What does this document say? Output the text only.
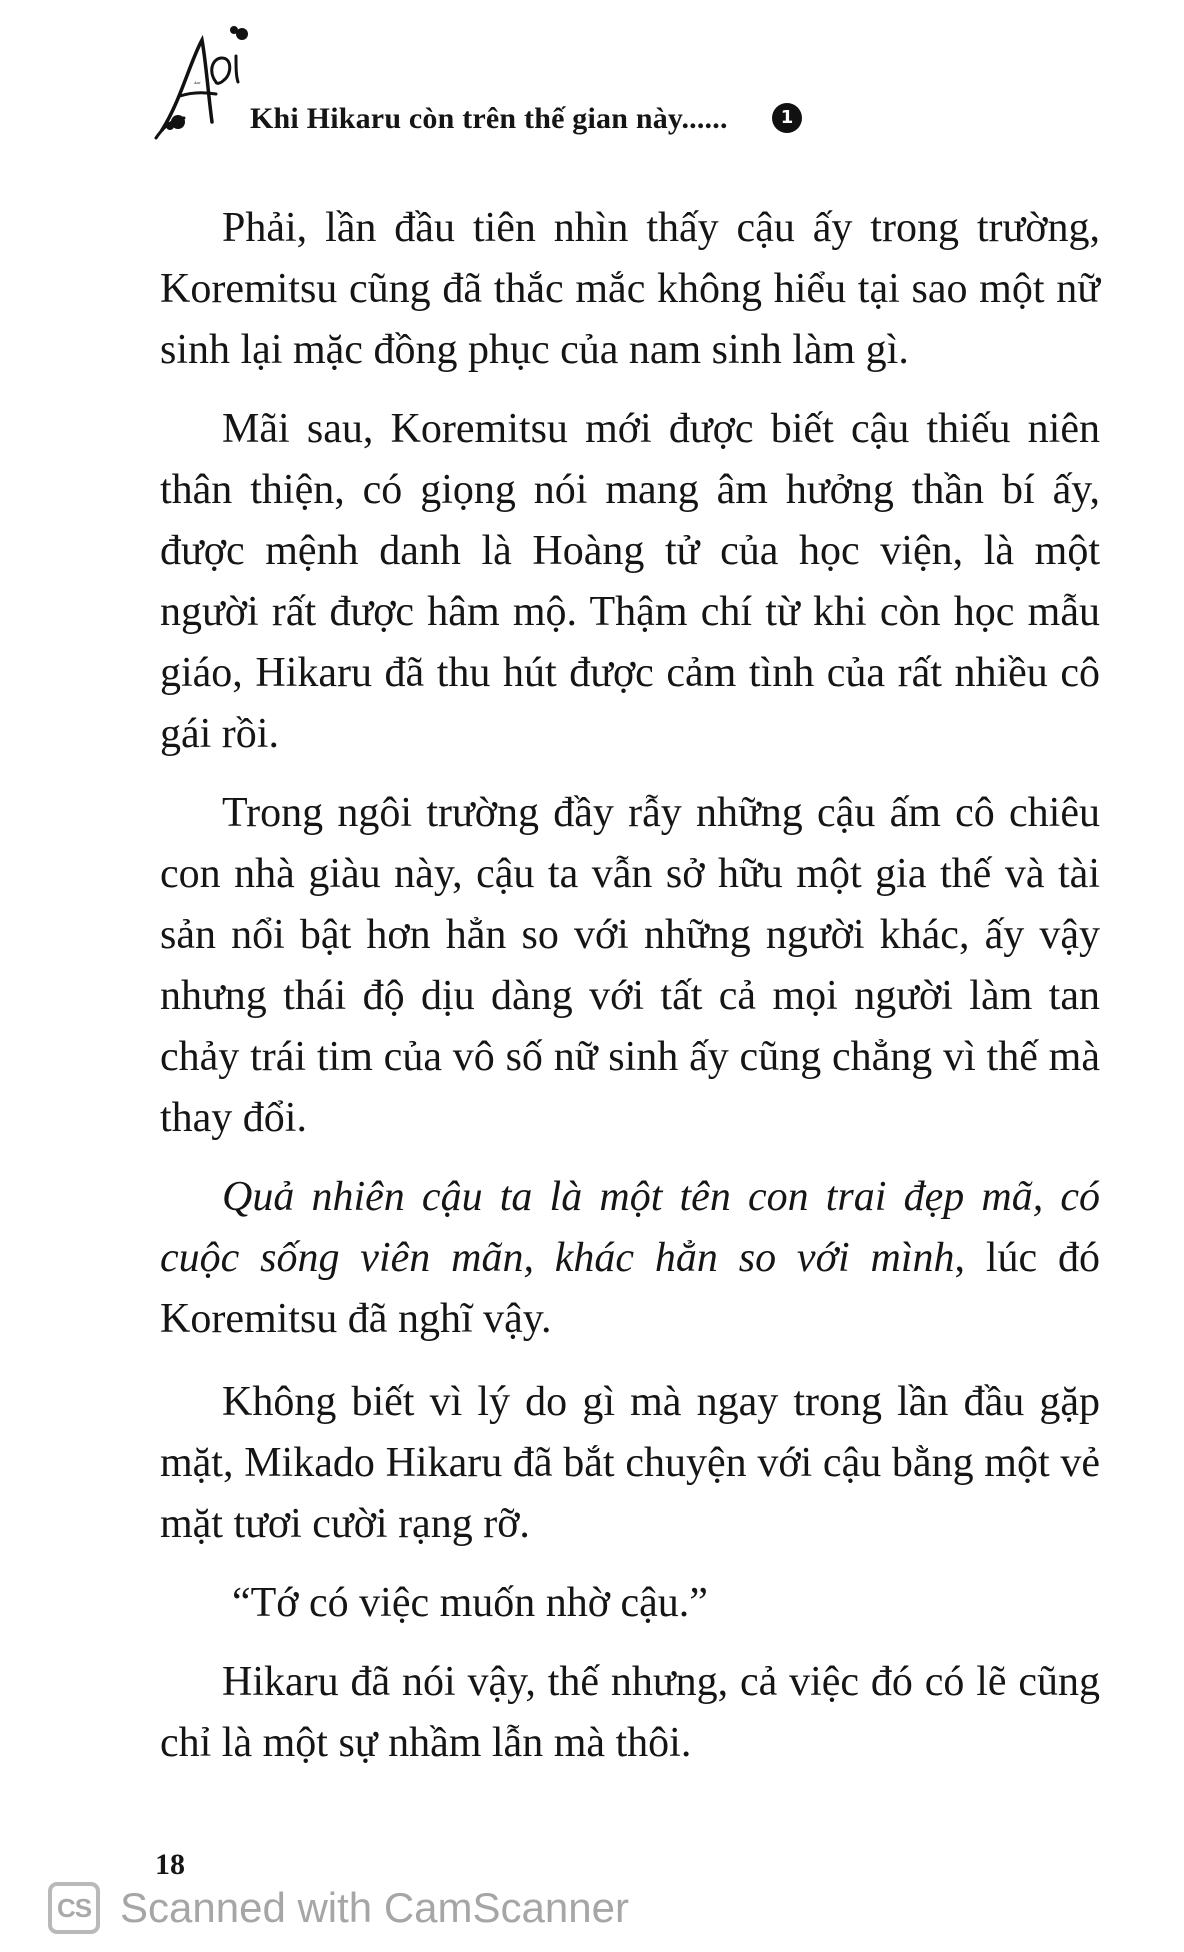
Aoi
Khi Hikaru còn trên thế gian này......	1

Phải, lần đầu tiên nhìn thấy cậu ấy trong trường, Koremitsu cũng đã thắc mắc không hiểu tại sao một nữ sinh lại mặc đồng phục của nam sinh làm gì.

Mãi sau, Koremitsu mới được biết cậu thiếu niên thân thiện, có giọng nói mang âm hưởng thần bí ấy, được mệnh danh là Hoàng tử của học viện, là một người rất được hâm mộ. Thậm chí từ khi còn học mẫu giáo, Hikaru đã thu hút được cảm tình của rất nhiều cô gái rồi.

Trong ngôi trường đầy rẫy những cậu ấm cô chiêu con nhà giàu này, cậu ta vẫn sở hữu một gia thế và tài sản nổi bật hơn hẳn so với những người khác, ấy vậy nhưng thái độ dịu dàng với tất cả mọi người làm tan chảy trái tim của vô số nữ sinh ấy cũng chẳng vì thế mà thay đổi.

Quả nhiên cậu ta là một tên con trai đẹp mã, có cuộc sống viên mãn, khác hẳn so với mình, lúc đó Koremitsu đã nghĩ vậy.

Không biết vì lý do gì mà ngay trong lần đầu gặp mặt, Mikado Hikaru đã bắt chuyện với cậu bằng một vẻ mặt tươi cười rạng rỡ.

“Tớ có việc muốn nhờ cậu.”

Hikaru đã nói vậy, thế nhưng, cả việc đó có lẽ cũng chỉ là một sự nhầm lẫn mà thôi.

18
CS Scanned with CamScanner
